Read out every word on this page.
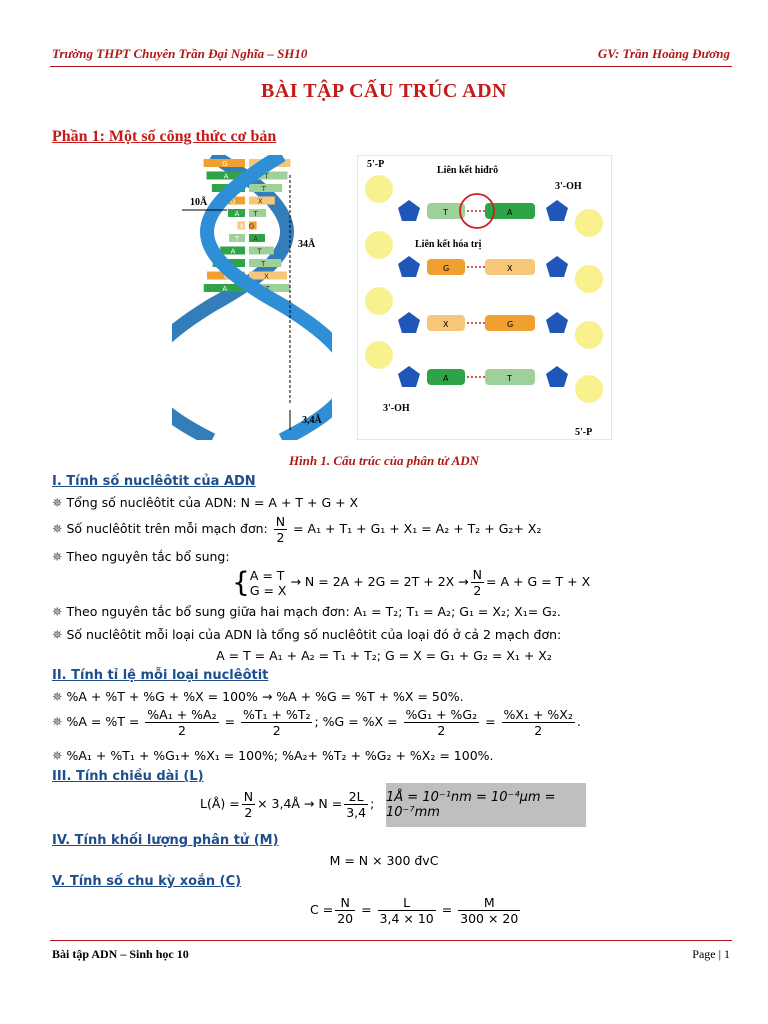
Trường THPT Chuyên Trần Đại Nghĩa – SH10	GV: Trần Hoàng Đương
BÀI TẬP CẤU TRÚC ADN
Phần 1: Một số công thức cơ bản
G	X
A	T
A	T
G	X
A T
X G
T A
A	T
A	T
G	X
A	T
10Å
34Å
3,4Å
5'-P
Liên kết hiđrô
3'-OH
Liên kết hóa trị
3'-OH
5'-P
T	A
G	X
X	G
A	T
Hình 1. Cấu trúc của phân tử ADN
I. Tính số nuclêôtit của ADN
✵ Tổng số nuclêôtit của ADN: N = A + T + G + X
✵ Số nuclêôtit trên mỗi mạch đơn: $\frac{N}{2} = A_1 + T_1 + G_1 + X_1 = A_2 + T_2 + G_2+ X_2$
✵ Theo nguyên tắc bổ sung:
{A = T
$G = X \to N = 2A + 2G = 2T + 2X \to \frac{N}{2} = A + G = T + X$
✵ Theo nguyên tắc bổ sung giữa hai mạch đơn: A₁ = T₂; T₁ = A₂; G₁ = X₂; X₁= G₂.
✵ Số nuclêôtit mỗi loại của ADN là tổng số nuclêôtit của loại đó ở cả 2 mạch đơn:
A = T = A₁ + A₂ = T₁ + T₂; G = X = G₁ + G₂ = X₁ + X₂
II. Tính tỉ lệ mỗi loại nuclêôtit
✵ %A + %T + %G + %X = 100% → %A + %G = %T + %X = 50%.
✵ $\%A = \%T = \frac{\text{\%A₁ + \%A₂}}{2} = \frac{\text{\%T₁ + \%T₂}}{2}$ ; $\%G = \%X = \frac{\text{\%G₁ + \%G₂}}{2} = \frac{\text{\%X₁ + \%X₂}}{2}$ .
✵ %A₁ + %T₁ + %G₁+ %X₁ = 100%; %A₂+ %T₂ + %G₂ + %X₂ = 100%.
III. Tính chiều dài (L)
L(Å) = $\frac{N}{2}$ × 3,4Å → $N = \frac{2L}{3,4}$ ; 1Å = 10⁻¹nm = 10⁻⁴µm = 10⁻⁷mm
IV. Tính khối lượng phân tử (M)
M = N × 300 đvC
V. Tính số chu kỳ xoắn (C)
$C = \frac{N}{20} = \frac{L}{3,4 \times 10} = \frac{M}{300 \times 20}$
Bài tập ADN – Sinh học 10	Page | 1
